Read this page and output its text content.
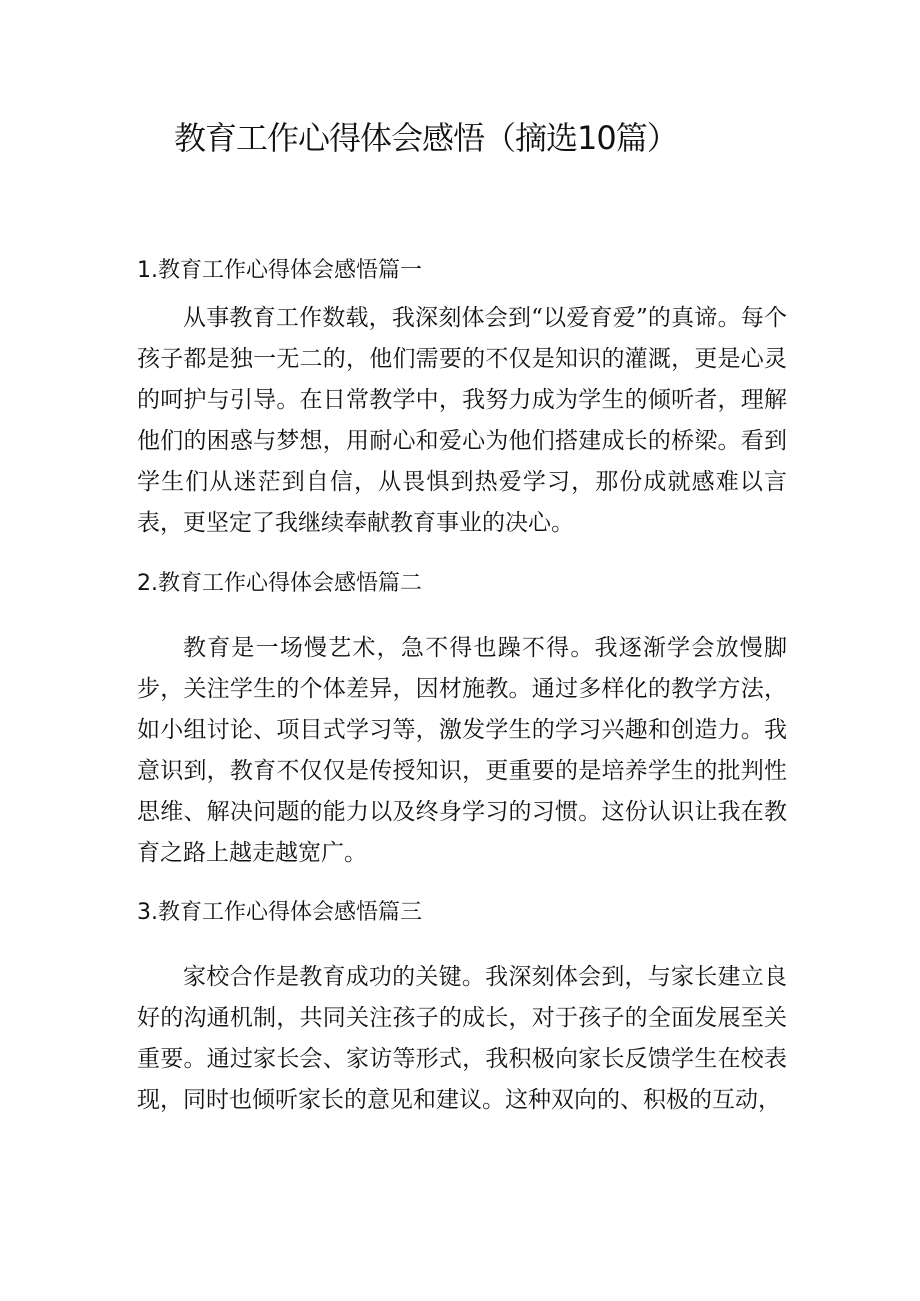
教育工作心得体会感悟（摘选10篇）
1.教育工作心得体会感悟篇一
从事教育工作数载，我深刻体会到“以爱育爱”的真谛。每个孩子都是独一无二的，他们需要的不仅是知识的灌溉，更是心灵的呵护与引导。在日常教学中，我努力成为学生的倾听者，理解他们的困惑与梦想，用耐心和爱心为他们搭建成长的桥梁。看到学生们从迷茫到自信，从畏惧到热爱学习，那份成就感难以言表，更坚定了我继续奉献教育事业的决心。
2.教育工作心得体会感悟篇二
教育是一场慢艺术，急不得也躁不得。我逐渐学会放慢脚步，关注学生的个体差异，因材施教。通过多样化的教学方法，如小组讨论、项目式学习等，激发学生的学习兴趣和创造力。我意识到，教育不仅仅是传授知识，更重要的是培养学生的批判性思维、解决问题的能力以及终身学习的习惯。这份认识让我在教育之路上越走越宽广。
3.教育工作心得体会感悟篇三
家校合作是教育成功的关键。我深刻体会到，与家长建立良好的沟通机制，共同关注孩子的成长，对于孩子的全面发展至关重要。通过家长会、家访等形式，我积极向家长反馈学生在校表现，同时也倾听家长的意见和建议。这种双向的、积极的互动，
